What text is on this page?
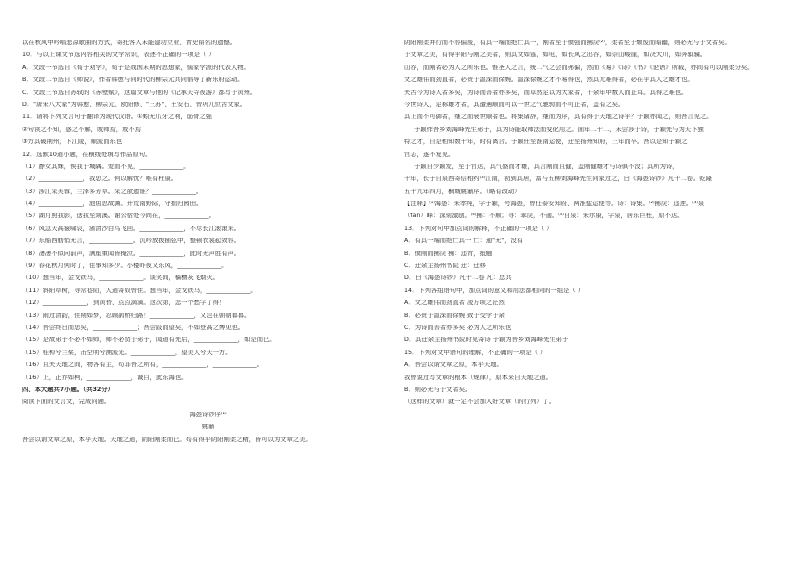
以在秋风中吟唱悲凉歌曲的方式，寄托客人未能建功立业、青史留名的遗憾。
10．与以上课文节选内容相关的文学常识，表述不正确的一项是（ ）
A．文段一节选自《荀子劝学》，荀子是战国末期的思想家，儒家学派的代表人物。
B．文段二节选自《师说》，作者韩愈与同时代的柳宗元共同倡导了新乐府运动。
C．文段三节选自苏轼的《赤壁赋》，这篇文章与他的《记承天寺夜游》都写于黄州。
D．"唐宋八大家"为韩愈、柳宗元、欧阳修、"三苏"、王安石、曾巩几位古文家。
11．请将下列文言句子翻译为现代汉语。①蚓无爪牙之利，筋骨之强
②句读之不知，惑之不解，或师焉，或不焉
③方其破荆州，下江陵，顺流而东也
12．选默10道小题，在横线处填写作品原句。
（1）静女其姝，俟我于城隅。爱而不见，______________。
（2）______________，我思之。何以解忧？唯有杜康。
（3）涉江采芙蓉，兰泽多芳草。采之欲遗谁？______________。
（4）______________，池鱼思故渊。开荒南野际，守拙归园田。
（5）湖月照我影，送我至剡溪。谢公宿处今尚在，______________。
（6）风急天高猿啸哀，渚清沙白鸟飞回。______________，不尽长江滚滚来。
（7）东船西舫悄无言，______________。沉吟放拨插弦中，整顿衣裳起敛容。
（8）凄凄不似向前声，满座重闻皆掩泣。______________，此时无声胜有声。
（9）春花秋月何时了，往事知多少。小楼昨夜又东风，______________。
（10）想当年，金戈铁马，______________。谈笑间，樯橹灰飞烟灭。
（11）斜阳草树，寻常巷陌，人道寄奴曾住。想当年，金戈铁马，______________。
（12）______________，到黄昏、点点滴滴。这次第，怎一个愁字了得！
（13）雨过清韵，住期如梦，忍顾鹊桥归路！______________，又岂在朝朝暮暮。
（14）吾尝终日而思矣，______________；吾尝跂而望矣，不如登高之博见也。
（15）是故弟子不必不如师，师不必贤于弟子，闻道有先后，______________，如是而已。
（15）桂棹兮兰桨，击空明兮溯流光。______________，望美人兮天一方。
（16）且夫天地之间，物各有主，苟非吾之所有，______________，______________。
（16）上，正乔如柯，______________，诚目，此东海也。
四、本大题共7小题。（共32分）
阅读下面的文言文，完成问题。
海愚诗钞序⁽¹⁾
姚鼐
吾尝以谓文章之原，本乎天地。天地之道，阴阳刚柔而已。苟有得乎阴阳刚柔之精，皆可以为文章之美。
阴阳刚柔并行而不容偏废，有其一端而绝亡其一，刚者至于偾强而拂戾⁽²⁾，柔者至于颓废而暗幽，则必无与于文者矣。
于文章之美，有得乎阳与刚之美者，则其文如霆，如电，如长风之出谷，如崇山峻崖，如决大川，如奔骐骥。
山谷，而刚者必为人之所乐也。惟圣人之言，统二气之会而弗偏，然而《易》《诗》《书》《论语》所载，亦间有可以刚柔分矣。
文之雄伟而劲直者，必贵于温深而徐婉。温深徐婉之才不易得也，然其尤难得者，必在乎其人之雄才也。
夫古今为诗人者多矣，为诗而善者亦多矣，而卓然足以为大家者，千余年中数人而止耳。其得之难也。
今世诗人，足称雄才者，其遭遇顺而可以一世之气驰骋而不可止者，盖有之矣。
其上而不可御者，继之而衰世顺者也。将集诸辞，继而为序，其有得于天地之诗乎？子颖亦闻之，则吾言见之。
子颖作吾乡刘海峰先生弟子，其为诗能取师法而变化用之。面年二十二，未尝涉于诗，子颖先与为天下独
特之才，自是相知数十年，时有离合。子颖仕至淮南运使，迁至扬州知府，三年而卒。吾以是知子颖之
官志，遂不复见。
子颖自少颖发，至于官达，其气盛而才雄，其言刚而且健，盖刚健雄才与诗俱不没；其所为诗，
十年，长子自泉西寄信相约⁽³⁾江南，初到其居，富与五柳刘海峰先生同家过之，曰《海愚诗钞》凡十二卷。乾隆
五十九年四月，桐城姚鼐序。（略有改动）
【注释】⁽¹⁾海愚：朱孝纯，字子颖，号海愚，曾任泰安知府、两淮盐运使等。诗：诗集。⁽²⁾拂戾：违逆。⁽³⁾泉
（fan）峰：深刻激励。⁽⁴⁾拂：不顺；寻：乖戾，不通。⁽⁵⁾自泉：朱尔康，字泉，居东巨枉，原不达。
13．下列对句中加点词的解释，不正确的一项是（ ）
A．有其一端而绝亡其一 亡：通"无"，没有
B．偾刚而拂戾 拂：违背，抵触
C．迁余主扬州书院 迁：迁移
D．曰《海愚诗钞》凡十二卷 凡：总共
14．下列各组语句中，加点词的意义和用法都相同的一组是（ ）
A．文之雄伟而劲直者 凌万顷之茫然
B．必贵于温深而徐婉 致于受学于余
C．为诗而善者亦多矣 必为人之所乐也
D．其迁余主扬州书院时见寄诗 子颖为吾乡刘海峰先生弟子
15．下列对文中语句的理解，不正确的一项是（ ）
A．吾尝以谓文章之原，本乎天地。
我曾说过写文章的根本（规律），原本来自天地之道。
B．则必无与于文者矣。
（这样的文章）就一定不会加入好文章（的行列）了。
